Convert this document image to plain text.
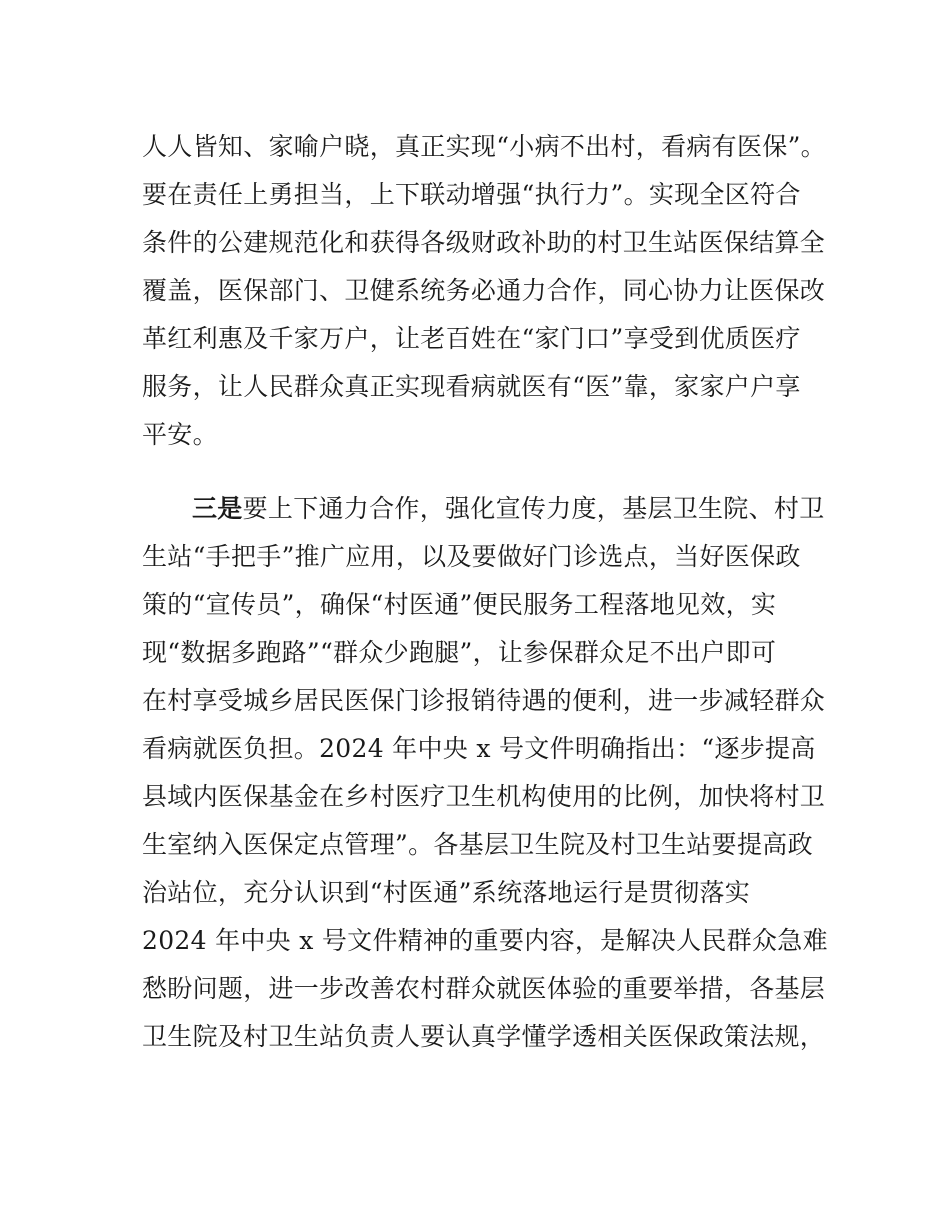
人人皆知、家喻户晓，真正实现“小病不出村，看病有医保”。
要在责任上勇担当，上下联动增强“执行力”。实现全区符合
条件的公建规范化和获得各级财政补助的村卫生站医保结算全
覆盖，医保部门、卫健系统务必通力合作，同心协力让医保改
革红利惠及千家万户，让老百姓在“家门口”享受到优质医疗
服务，让人民群众真正实现看病就医有“医”靠，家家户户享
平安。
三是要上下通力合作，强化宣传力度，基层卫生院、村卫
生站“手把手”推广应用，以及要做好门诊选点，当好医保政
策的“宣传员”，确保“村医通”便民服务工程落地见效，实
现“数据多跑路”“群众少跑腿”，让参保群众足不出户即可
在村享受城乡居民医保门诊报销待遇的便利，进一步减轻群众
看病就医负担。2024 年中央 x 号文件明确指出：“逐步提高
县域内医保基金在乡村医疗卫生机构使用的比例，加快将村卫
生室纳入医保定点管理”。各基层卫生院及村卫生站要提高政
治站位，充分认识到“村医通”系统落地运行是贯彻落实
2024 年中央 x 号文件精神的重要内容，是解决人民群众急难
愁盼问题，进一步改善农村群众就医体验的重要举措，各基层
卫生院及村卫生站负责人要认真学懂学透相关医保政策法规，
